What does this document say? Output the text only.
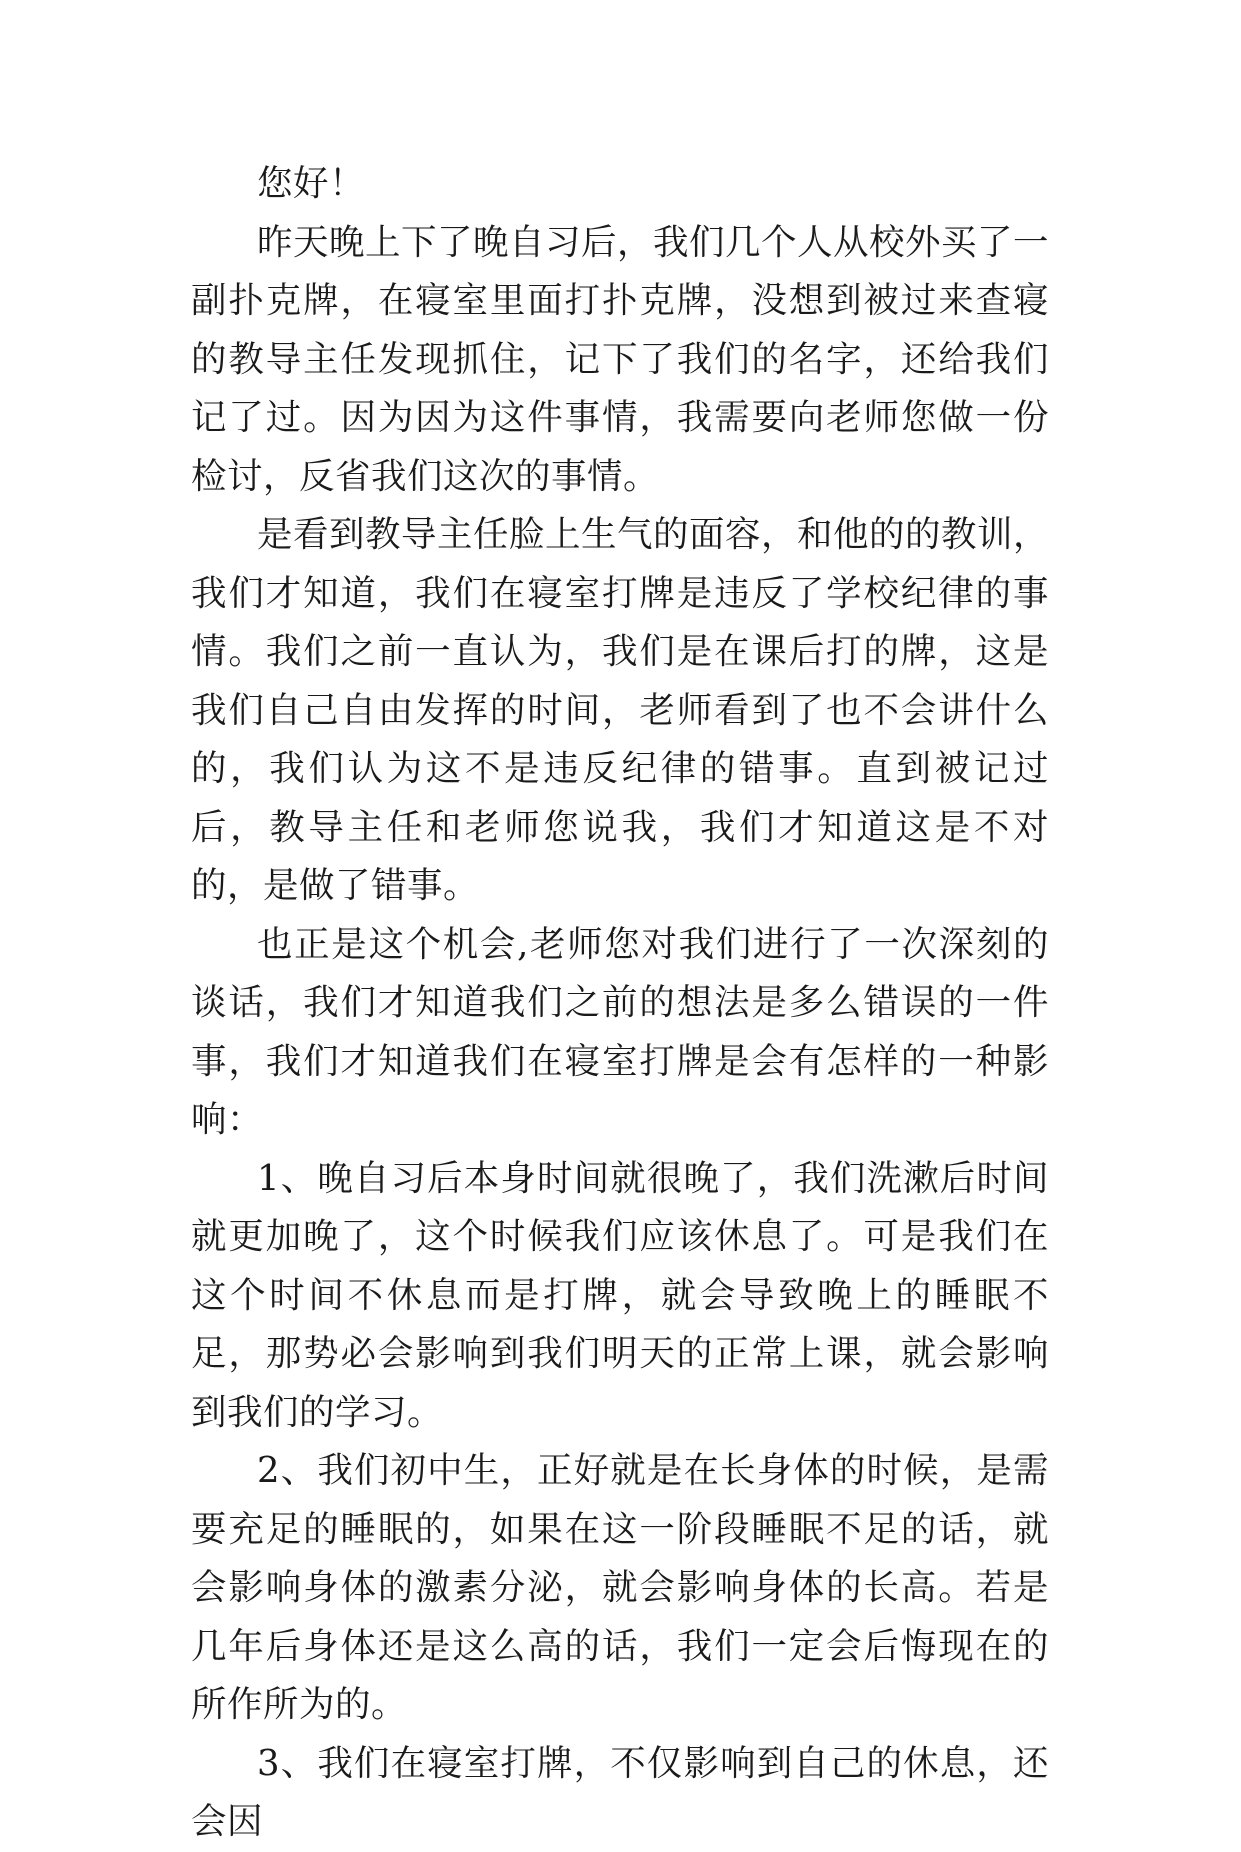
您好！

昨天晚上下了晚自习后，我们几个人从校外买了一副扑克牌，在寝室里面打扑克牌，没想到被过来查寝的教导主任发现抓住，记下了我们的名字，还给我们记了过。因为因为这件事情，我需要向老师您做一份检讨，反省我们这次的事情。

是看到教导主任脸上生气的面容，和他的的教训，我们才知道，我们在寝室打牌是违反了学校纪律的事情。我们之前一直认为，我们是在课后打的牌，这是我们自己自由发挥的时间，老师看到了也不会讲什么的，我们认为这不是违反纪律的错事。直到被记过后，教导主任和老师您说我，我们才知道这是不对的，是做了错事。

也正是这个机会,老师您对我们进行了一次深刻的谈话，我们才知道我们之前的想法是多么错误的一件事，我们才知道我们在寝室打牌是会有怎样的一种影响：

1、晚自习后本身时间就很晚了，我们洗漱后时间就更加晚了，这个时候我们应该休息了。可是我们在这个时间不休息而是打牌，就会导致晚上的睡眠不足，那势必会影响到我们明天的正常上课，就会影响到我们的学习。

2、我们初中生，正好就是在长身体的时候，是需要充足的睡眠的，如果在这一阶段睡眠不足的话，就会影响身体的激素分泌，就会影响身体的长高。若是几年后身体还是这么高的话，我们一定会后悔现在的所作所为的。

3、我们在寝室打牌，不仅影响到自己的休息，还会因
